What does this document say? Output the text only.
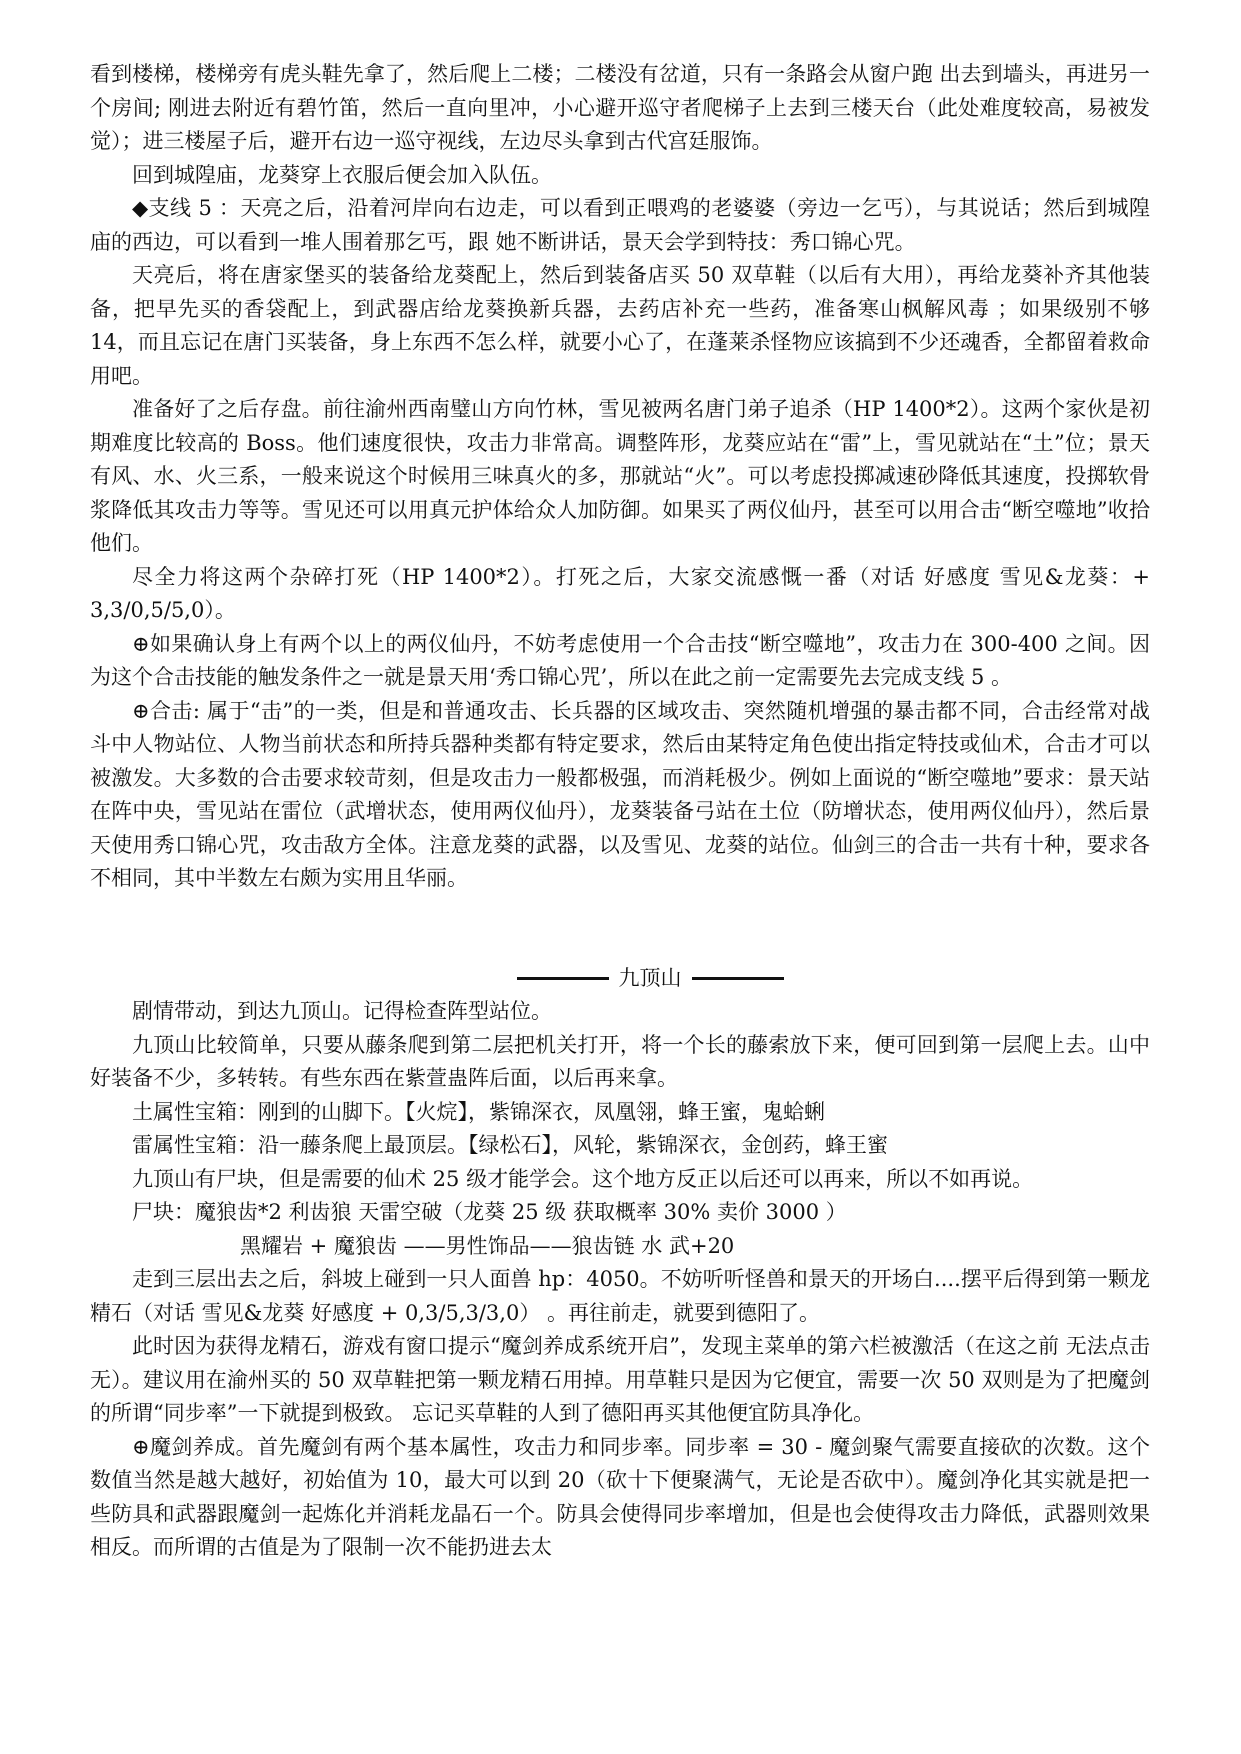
看到楼梯，楼梯旁有虎头鞋先拿了，然后爬上二楼；二楼没有岔道，只有一条路会从窗户跑 出去到墙头，再进另一个房间; 刚进去附近有碧竹笛，然后一直向里冲，小心避开巡守者爬梯子上去到三楼天台（此处难度较高，易被发觉）；进三楼屋子后，避开右边一巡守视线，左边尽头拿到古代宫廷服饰。

回到城隍庙，龙葵穿上衣服后便会加入队伍。

◆支线 5 ：天亮之后，沿着河岸向右边走，可以看到正喂鸡的老婆婆（旁边一乞丐），与其说话；然后到城隍庙的西边，可以看到一堆人围着那乞丐，跟 她不断讲话，景天会学到特技：秀口锦心咒。

天亮后，将在唐家堡买的装备给龙葵配上，然后到装备店买 50 双草鞋（以后有大用），再给龙葵补齐其他装备，把早先买的香袋配上，到武器店给龙葵换新兵器，去药店补充一些药，准备寒山枫解风毒 ；如果级别不够 14，而且忘记在唐门买装备，身上东西不怎么样，就要小心了，在蓬莱杀怪物应该搞到不少还魂香，全都留着救命用吧。

准备好了之后存盘。前往渝州西南璧山方向竹林，雪见被两名唐门弟子追杀（HP 1400*2）。这两个家伙是初期难度比较高的 Boss。他们速度很快，攻击力非常高。调整阵形，龙葵应站在“雷”上，雪见就站在“土”位；景天有风、水、火三系，一般来说这个时候用三味真火的多，那就站“火”。可以考虑投掷减速砂降低其速度，投掷软骨浆降低其攻击力等等。雪见还可以用真元护体给众人加防御。如果买了两仪仙丹，甚至可以用合击“断空噬地”收拾他们。

尽全力将这两个杂碎打死（HP 1400*2）。打死之后，大家交流感慨一番（对话 好感度 雪见&龙葵：+ 3,3/0,5/5,0）。

⊕如果确认身上有两个以上的两仪仙丹，不妨考虑使用一个合击技“断空噬地”，攻击力在 300-400 之间。因为这个合击技能的触发条件之一就是景天用‘秀口锦心咒’，所以在此之前一定需要先去完成支线 5 。

⊕合击: 属于“击”的一类，但是和普通攻击、长兵器的区域攻击、突然随机增强的暴击都不同，合击经常对战斗中人物站位、人物当前状态和所持兵器种类都有特定要求，然后由某特定角色使出指定特技或仙术，合击才可以被激发。大多数的合击要求较苛刻，但是攻击力一般都极强，而消耗极少。例如上面说的“断空噬地”要求：景天站在阵中央，雪见站在雷位（武增状态，使用两仪仙丹），龙葵装备弓站在土位（防增状态，使用两仪仙丹），然后景天使用秀口锦心咒，攻击敌方全体。注意龙葵的武器，以及雪见、龙葵的站位。仙剑三的合击一共有十种，要求各不相同，其中半数左右颇为实用且华丽。

九顶山

剧情带动，到达九顶山。记得检查阵型站位。

九顶山比较简单，只要从藤条爬到第二层把机关打开，将一个长的藤索放下来，便可回到第一层爬上去。山中好装备不少，多转转。有些东西在紫萱蛊阵后面，以后再来拿。

土属性宝箱：刚到的山脚下。【火烷】，紫锦深衣，凤凰翎，蜂王蜜，鬼蛤蜊

雷属性宝箱：沿一藤条爬上最顶层。【绿松石】，风轮，紫锦深衣，金创药，蜂王蜜

九顶山有尸块，但是需要的仙术 25 级才能学会。这个地方反正以后还可以再来，所以不如再说。

尸块：魔狼齿*2 利齿狼 天雷空破（龙葵 25 级 获取概率 30% 卖价 3000 ）

黑耀岩 + 魔狼齿 ——男性饰品——狼齿链 水 武+20

走到三层出去之后，斜坡上碰到一只人面兽 hp：4050。不妨听听怪兽和景天的开场白....摆平后得到第一颗龙精石（对话 雪见&龙葵 好感度 + 0,3/5,3/3,0） 。再往前走，就要到德阳了。

此时因为获得龙精石，游戏有窗口提示“魔剑养成系统开启”，发现主菜单的第六栏被激活（在这之前 无法点击无）。建议用在渝州买的 50 双草鞋把第一颗龙精石用掉。用草鞋只是因为它便宜，需要一次 50 双则是为了把魔剑的所谓“同步率”一下就提到极致。 忘记买草鞋的人到了德阳再买其他便宜防具净化。

⊕魔剑养成。首先魔剑有两个基本属性，攻击力和同步率。同步率 = 30 - 魔剑聚气需要直接砍的次数。这个数值当然是越大越好，初始值为 10，最大可以到 20（砍十下便聚满气，无论是否砍中）。魔剑净化其实就是把一些防具和武器跟魔剑一起炼化并消耗龙晶石一个。防具会使得同步率增加，但是也会使得攻击力降低，武器则效果相反。而所谓的古值是为了限制一次不能扔进去太
